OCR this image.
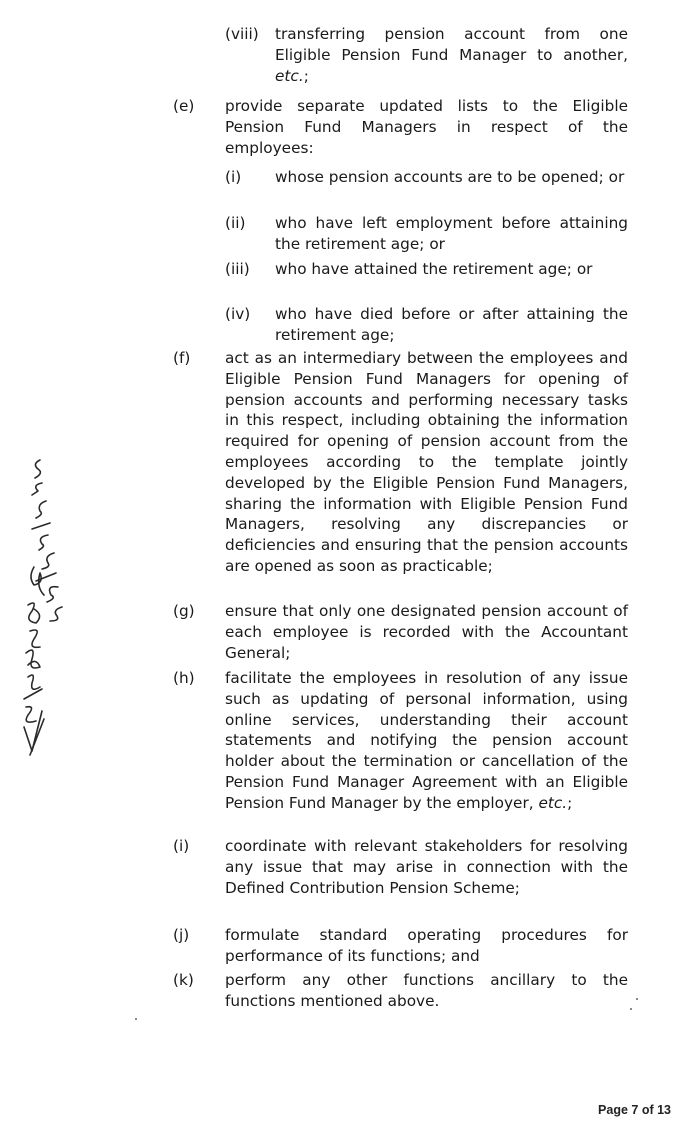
(viii)	transferring pension account from one Eligible Pension Fund Manager to another, etc.;
(e)	provide separate updated lists to the Eligible Pension Fund Managers in respect of the employees:
(i)	whose pension accounts are to be opened; or
(ii)	who have left employment before attaining the retirement age; or
(iii)	who have attained the retirement age; or
(iv)	who have died before or after attaining the retirement age;
(f)	act as an intermediary between the employees and Eligible Pension Fund Managers for opening of pension accounts and performing necessary tasks in this respect, including obtaining the information required for opening of pension account from the employees according to the template jointly developed by the Eligible Pension Fund Managers, sharing the information with Eligible Pension Fund Managers, resolving any discrepancies or deficiencies and ensuring that the pension accounts are opened as soon as practicable;
(g)	ensure that only one designated pension account of each employee is recorded with the Accountant General;
(h)	facilitate the employees in resolution of any issue such as updating of personal information, using online services, understanding their account statements and notifying the pension account holder about the termination or cancellation of the Pension Fund Manager Agreement with an Eligible Pension Fund Manager by the employer, etc.;
(i)	coordinate with relevant stakeholders for resolving any issue that may arise in connection with the Defined Contribution Pension Scheme;
(j)	formulate standard operating procedures for performance of its functions; and
(k)	perform any other functions ancillary to the functions mentioned above.
Page 7 of 13
